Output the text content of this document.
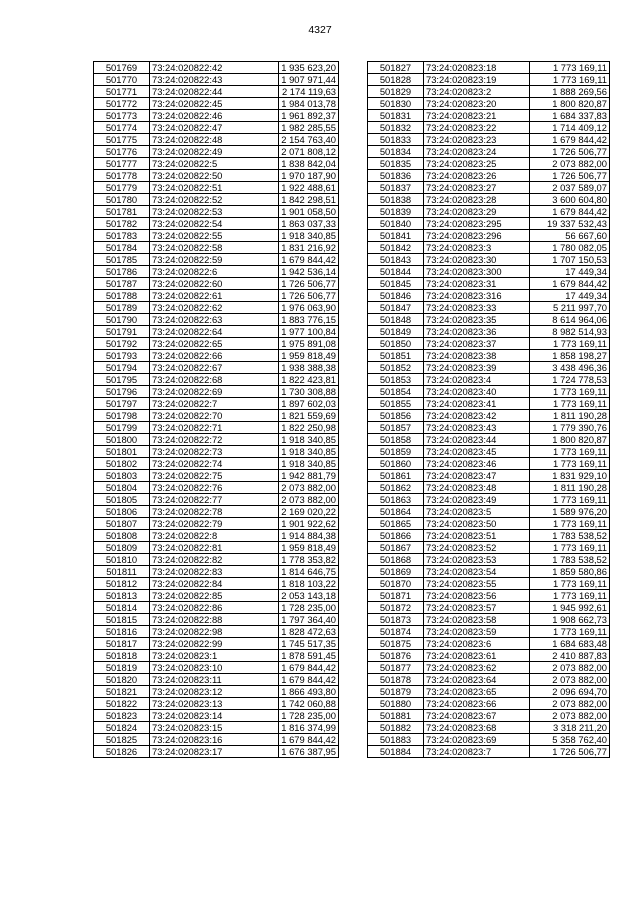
4327
501769	73:24:020822:42	1 935 623,20
501770	73:24:020822:43	1 907 971,44
501771	73:24:020822:44	2 174 119,63
501772	73:24:020822:45	1 984 013,78
501773	73:24:020822:46	1 961 892,37
501774	73:24:020822:47	1 982 285,55
501775	73:24:020822:48	2 154 763,40
501776	73:24:020822:49	2 071 808,12
501777	73:24:020822:5	1 838 842,04
501778	73:24:020822:50	1 970 187,90
501779	73:24:020822:51	1 922 488,61
501780	73:24:020822:52	1 842 298,51
501781	73:24:020822:53	1 901 058,50
501782	73:24:020822:54	1 863 037,33
501783	73:24:020822:55	1 918 340,85
501784	73:24:020822:58	1 831 216,92
501785	73:24:020822:59	1 679 844,42
501786	73:24:020822:6	1 942 536,14
501787	73:24:020822:60	1 726 506,77
501788	73:24:020822:61	1 726 506,77
501789	73:24:020822:62	1 976 063,90
501790	73:24:020822:63	1 883 776,15
501791	73:24:020822:64	1 977 100,84
501792	73:24:020822:65	1 975 891,08
501793	73:24:020822:66	1 959 818,49
501794	73:24:020822:67	1 938 388,38
501795	73:24:020822:68	1 822 423,81
501796	73:24:020822:69	1 730 308,88
501797	73:24:020822:7	1 897 602,03
501798	73:24:020822:70	1 821 559,69
501799	73:24:020822:71	1 822 250,98
501800	73:24:020822:72	1 918 340,85
501801	73:24:020822:73	1 918 340,85
501802	73:24:020822:74	1 918 340,85
501803	73:24:020822:75	1 942 881,79
501804	73:24:020822:76	2 073 882,00
501805	73:24:020822:77	2 073 882,00
501806	73:24:020822:78	2 169 020,22
501807	73:24:020822:79	1 901 922,62
501808	73:24:020822:8	1 914 884,38
501809	73:24:020822:81	1 959 818,49
501810	73:24:020822:82	1 778 353,82
501811	73:24:020822:83	1 814 646,75
501812	73:24:020822:84	1 818 103,22
501813	73:24:020822:85	2 053 143,18
501814	73:24:020822:86	1 728 235,00
501815	73:24:020822:88	1 797 364,40
501816	73:24:020822:98	1 828 472,63
501817	73:24:020822:99	1 745 517,35
501818	73:24:020823:1	1 878 591,45
501819	73:24:020823:10	1 679 844,42
501820	73:24:020823:11	1 679 844,42
501821	73:24:020823:12	1 866 493,80
501822	73:24:020823:13	1 742 060,88
501823	73:24:020823:14	1 728 235,00
501824	73:24:020823:15	1 816 374,99
501825	73:24:020823:16	1 679 844,42
501826	73:24:020823:17	1 676 387,95
501827	73:24:020823:18	1 773 169,11
501828	73:24:020823:19	1 773 169,11
501829	73:24:020823:2	1 888 269,56
501830	73:24:020823:20	1 800 820,87
501831	73:24:020823:21	1 684 337,83
501832	73:24:020823:22	1 714 409,12
501833	73:24:020823:23	1 679 844,42
501834	73:24:020823:24	1 726 506,77
501835	73:24:020823:25	2 073 882,00
501836	73:24:020823:26	1 726 506,77
501837	73:24:020823:27	2 037 589,07
501838	73:24:020823:28	3 600 604,80
501839	73:24:020823:29	1 679 844,42
501840	73:24:020823:295	19 337 532,43
501841	73:24:020823:296	56 667,60
501842	73:24:020823:3	1 780 082,05
501843	73:24:020823:30	1 707 150,53
501844	73:24:020823:300	17 449,34
501845	73:24:020823:31	1 679 844,42
501846	73:24:020823:316	17 449,34
501847	73:24:020823:33	5 211 997,70
501848	73:24:020823:35	8 614 964,06
501849	73:24:020823:36	8 982 514,93
501850	73:24:020823:37	1 773 169,11
501851	73:24:020823:38	1 858 198,27
501852	73:24:020823:39	3 438 496,36
501853	73:24:020823:4	1 724 778,53
501854	73:24:020823:40	1 773 169,11
501855	73:24:020823:41	1 773 169,11
501856	73:24:020823:42	1 811 190,28
501857	73:24:020823:43	1 779 390,76
501858	73:24:020823:44	1 800 820,87
501859	73:24:020823:45	1 773 169,11
501860	73:24:020823:46	1 773 169,11
501861	73:24:020823:47	1 831 929,10
501862	73:24:020823:48	1 811 190,28
501863	73:24:020823:49	1 773 169,11
501864	73:24:020823:5	1 589 976,20
501865	73:24:020823:50	1 773 169,11
501866	73:24:020823:51	1 783 538,52
501867	73:24:020823:52	1 773 169,11
501868	73:24:020823:53	1 783 538,52
501869	73:24:020823:54	1 859 580,86
501870	73:24:020823:55	1 773 169,11
501871	73:24:020823:56	1 773 169,11
501872	73:24:020823:57	1 945 992,61
501873	73:24:020823:58	1 908 662,73
501874	73:24:020823:59	1 773 169,11
501875	73:24:020823:6	1 684 683,48
501876	73:24:020823:61	2 410 887,83
501877	73:24:020823:62	2 073 882,00
501878	73:24:020823:64	2 073 882,00
501879	73:24:020823:65	2 096 694,70
501880	73:24:020823:66	2 073 882,00
501881	73:24:020823:67	2 073 882,00
501882	73:24:020823:68	3 318 211,20
501883	73:24:020823:69	5 358 762,40
501884	73:24:020823:7	1 726 506,77
